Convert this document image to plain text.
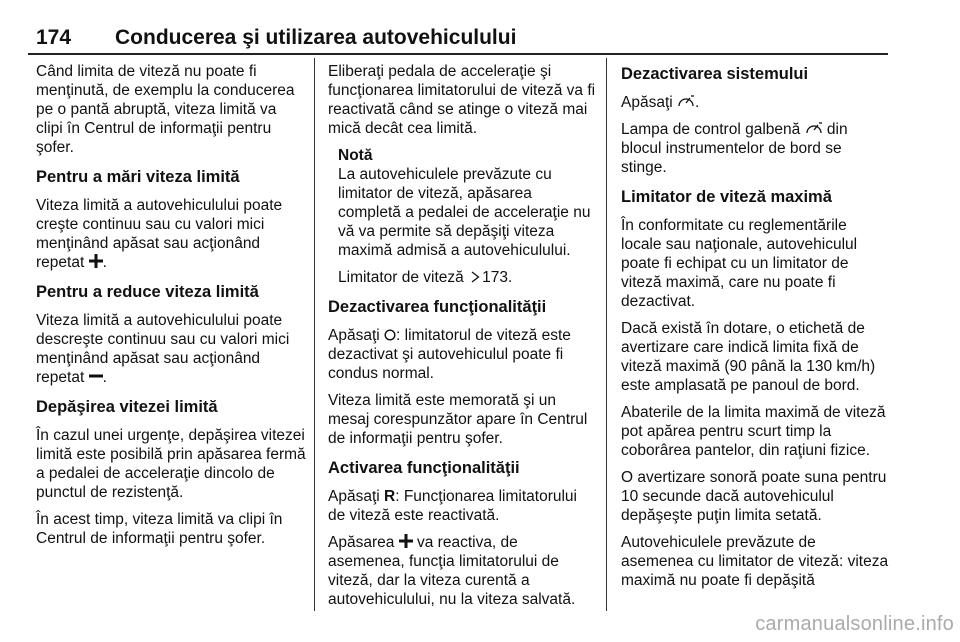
174 Conducerea şi utilizarea autovehiculului

Când limita de viteză nu poate fi menţinută, de exemplu la conducerea pe o pantă abruptă, viteza limită va clipi în Centrul de informaţii pentru şofer.

Pentru a mări viteza limită

Viteza limită a autovehiculului poate creşte continuu sau cu valori mici menţinând apăsat sau acţionând repetat .

Pentru a reduce viteza limită

Viteza limită a autovehiculului poate descreşte continuu sau cu valori mici menţinând apăsat sau acţionând repetat .

Depăşirea vitezei limită

În cazul unei urgenţe, depăşirea vitezei limită este posibilă prin apăsarea fermă a pedalei de acceleraţie dincolo de punctul de rezistenţă.

În acest timp, viteza limită va clipi în Centrul de informaţii pentru şofer.

Eliberaţi pedala de acceleraţie şi funcţionarea limitatorului de viteză va fi reactivată când se atinge o viteză mai mică decât cea limită.

Notă

La autovehiculele prevăzute cu limitator de viteză, apăsarea completă a pedalei de acceleraţie nu vă va permite să depăşiţi viteza maximă admisă a autovehiculului.

Limitator de viteză 173.

Dezactivarea funcţionalităţii

Apăsaţi : limitatorul de viteză este dezactivat şi autovehiculul poate fi condus normal.

Viteza limită este memorată şi un mesaj corespunzător apare în Centrul de informaţii pentru şofer.

Activarea funcţionalităţii

Apăsaţi R: Funcţionarea limitatorului de viteză este reactivată.

Apăsarea va reactiva, de asemenea, funcţia limitatorului de viteză, dar la viteza curentă a autovehiculului, nu la viteza salvată.

Dezactivarea sistemului

Apăsaţi .

Lampa de control galbenă din blocul instrumentelor de bord se stinge.

Limitator de viteză maximă

În conformitate cu reglementările locale sau naţionale, autovehiculul poate fi echipat cu un limitator de viteză maximă, care nu poate fi dezactivat.

Dacă există în dotare, o etichetă de avertizare care indică limita fixă de viteză maximă (90 până la 130 km/h) este amplasată pe panoul de bord.

Abaterile de la limita maximă de viteză pot apărea pentru scurt timp la coborârea pantelor, din raţiuni fizice.

O avertizare sonoră poate suna pentru 10 secunde dacă autovehiculul depăşeşte puţin limita setată.

Autovehiculele prevăzute de asemenea cu limitator de viteză: viteza maximă nu poate fi depăşită

carmanualsonline.info
